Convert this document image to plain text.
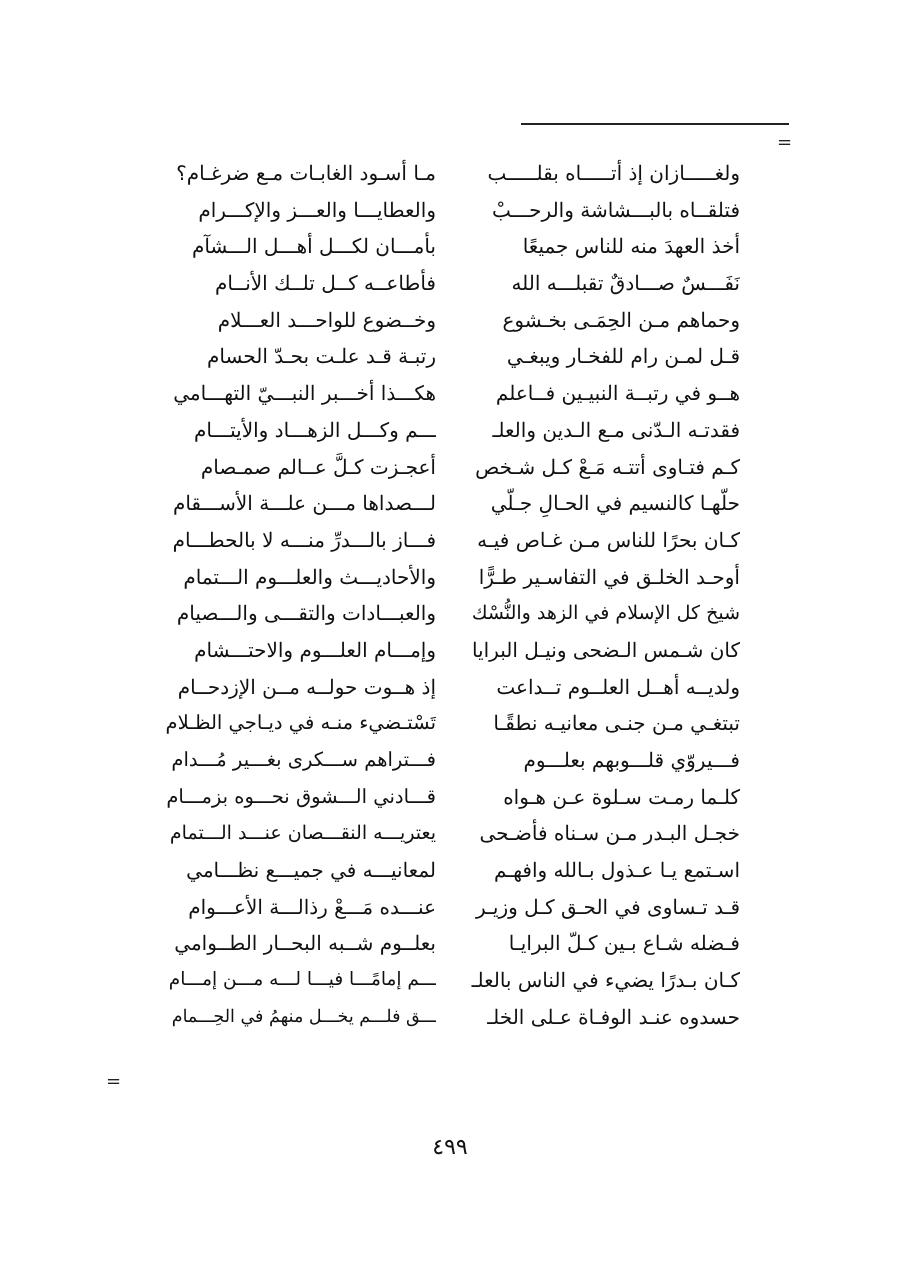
=
=
ولغـــــازان إذ أتـــــاه بقلـــــب
فتلقــاه بالبـــشاشة والرحـــبْ
أخذ العهدَ منه للناس جميعًا
نَفَـــسٌ صـــادقٌ تقبلـــه الله
وحماهم مـن الحِمَـى بخـشوع
قـل لمـن رام للفخـار ويبغـي
هــو في رتبــة النبيـين فــاعلم
فقدتـه الـدّنى مـع الـدين والعلـ
كـم فتـاوى أتتـه مَـعْ كـل شـخص
حلّهـا كالنسيم في الحـالِ جـلّي
كـان بحرًا للناس مـن غـاص فيـه
أوحـد الخلـق في التفاسـير طـرًّا
شيخ كل الإسلام في الزهد والنُّسْك
كان شـمس الـضحى ونيـل البرايا
ولديــه أهــل العلــوم تــداعت
تبتغـي مـن جنـى معانيـه نطقًـا
فـــيروّي قلـــوبهم بعلـــوم
كلـما رمـت سـلوة عـن هـواه
خجـل البـدر مـن سـناه فأضـحى
اسـتمع يـا عـذول بـالله وافهـم
قـد تـساوى في الحـق كـل وزيـر
فـضله شـاع بـين كـلّ البرايـا
كـان بـدرًا يضيء في الناس بالعلـ
حسدوه عنـد الوفـاة عـلى الخلـ
مـا أسـود الغابـات مـع ضرغـام؟
والعطايـــا والعـــز والإكـــرام
بأمـــان لكـــل أهـــل الـــشآم
فأطاعــه كــل تلــك الأنــام
وخــضوع للواحـــد العـــلام
رتبـة قـد علـت بحـدّ الحسام
هكـــذا أخـــبر النبـــيّ التهـــامي
ـــم وكـــل الزهـــاد والأيتـــام
أعجـزت كـلَّ عــالم صمـصام
لـــصداها مـــن علـــة الأســـقام
فـــاز بالـــدرِّ منـــه لا بالحطـــام
والأحاديـــث والعلـــوم الـــتمام
والعبـــادات والتقـــى والـــصيام
وإمـــام العلـــوم والاحتـــشام
إذ هــوت حولــه مــن الإزدحــام
تَسْتـضيء منـه في ديـاجي الظـلام
فـــتراهم ســـكرى بغـــير مُـــدام
قـــادني الـــشوق نحـــوه بزمـــام
يعتريـــه النقـــصان عنـــد الـــتمام
لمعانيـــه في جميـــع نظـــامي
عنـــده مَـــعْ رذالـــة الأعـــوام
بعلــوم شــبه البحــار الطــوامي
ـــم إمامًـــا فيـــا لـــه مـــن إمـــام
ـــق فلـــم يخـــل منهمُ في الحِـــمام
٤٩٩
